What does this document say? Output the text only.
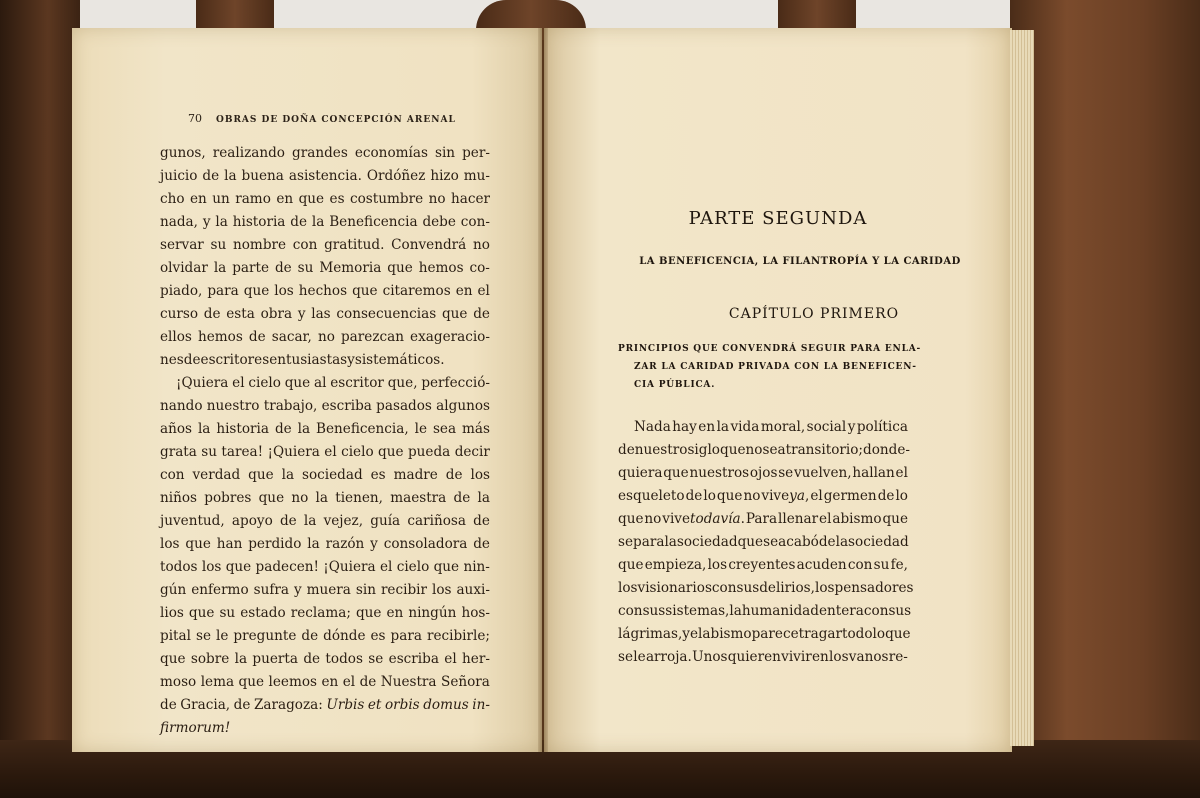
70 OBRAS DE DOÑA CONCEPCIÓN ARENAL
gunos, realizando grandes economías sin per-
juicio de la buena asistencia. Ordóñez hizo mu-
cho en un ramo en que es costumbre no hacer
nada, y la historia de la Beneficencia debe con-
servar su nombre con gratitud. Convendrá no
olvidar la parte de su Memoria que hemos co-
piado, para que los hechos que citaremos en el
curso de esta obra y las consecuencias que de
ellos hemos de sacar, no parezcan exageracio-
nes de escritores entusiastas y sistemáticos.
¡Quiera el cielo que al escritor que, perfecció-
nando nuestro trabajo, escriba pasados algunos
años la historia de la Beneficencia, le sea más
grata su tarea! ¡Quiera el cielo que pueda decir
con verdad que la sociedad es madre de los
niños pobres que no la tienen, maestra de la
juventud, apoyo de la vejez, guía cariñosa de
los que han perdido la razón y consoladora de
todos los que padecen! ¡Quiera el cielo que nin-
gún enfermo sufra y muera sin recibir los auxi-
lios que su estado reclama; que en ningún hos-
pital se le pregunte de dónde es para recibirle;
que sobre la puerta de todos se escriba el her-
moso lema que leemos en el de Nuestra Señora
de Gracia, de Zaragoza: Urbis et orbis domus in-
firmorum!
PARTE SEGUNDA
LA BENEFICENCIA, LA FILANTROPÍA Y LA CARIDAD
CAPÍTULO PRIMERO
PRINCIPIOS QUE CONVENDRÁ SEGUIR PARA ENLA-
ZAR LA CARIDAD PRIVADA CON LA BENEFICEN-
CIA PÚBLICA.
Nada hay en la vida moral, social y política
de nuestro siglo que no sea transitorio; donde-
quiera que nuestros ojos se vuelven, hallan el
esqueleto de lo que no viveya, el germen de lo
que no vivetodavía. Para llenar el abismo que
separa la sociedad que se acabó de la sociedad
que empieza, los creyentes acuden con su fe,
los visionarios con sus delirios, los pensadores
con sus sistemas, la humanidad entera con sus
lágrimas, y el abismo parece tragar todo lo que
se le arroja. Unos quieren vivir en los vanos re-
